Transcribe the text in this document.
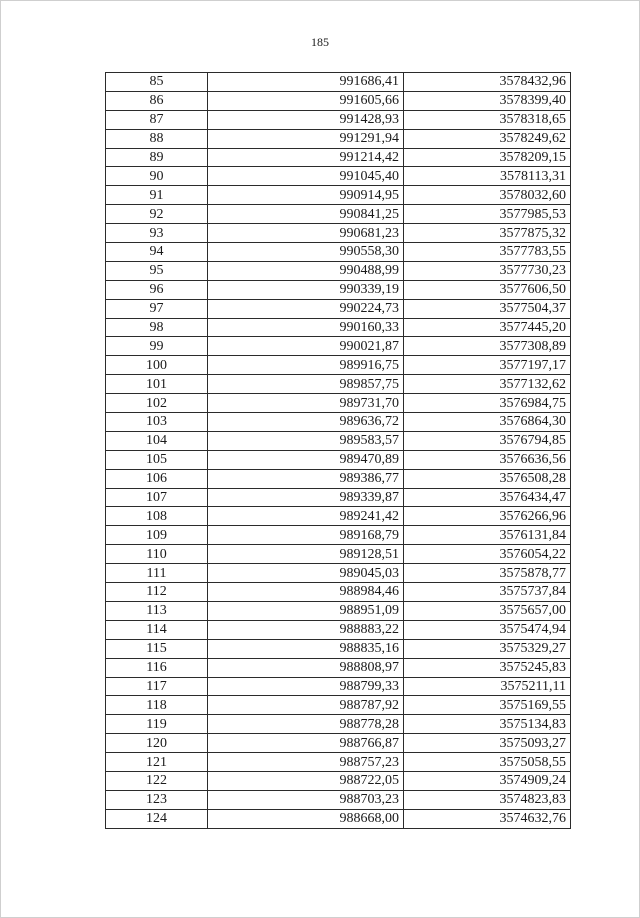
185
85	991686,41	3578432,96
86	991605,66	3578399,40
87	991428,93	3578318,65
88	991291,94	3578249,62
89	991214,42	3578209,15
90	991045,40	3578113,31
91	990914,95	3578032,60
92	990841,25	3577985,53
93	990681,23	3577875,32
94	990558,30	3577783,55
95	990488,99	3577730,23
96	990339,19	3577606,50
97	990224,73	3577504,37
98	990160,33	3577445,20
99	990021,87	3577308,89
100	989916,75	3577197,17
101	989857,75	3577132,62
102	989731,70	3576984,75
103	989636,72	3576864,30
104	989583,57	3576794,85
105	989470,89	3576636,56
106	989386,77	3576508,28
107	989339,87	3576434,47
108	989241,42	3576266,96
109	989168,79	3576131,84
110	989128,51	3576054,22
111	989045,03	3575878,77
112	988984,46	3575737,84
113	988951,09	3575657,00
114	988883,22	3575474,94
115	988835,16	3575329,27
116	988808,97	3575245,83
117	988799,33	3575211,11
118	988787,92	3575169,55
119	988778,28	3575134,83
120	988766,87	3575093,27
121	988757,23	3575058,55
122	988722,05	3574909,24
123	988703,23	3574823,83
124	988668,00	3574632,76
